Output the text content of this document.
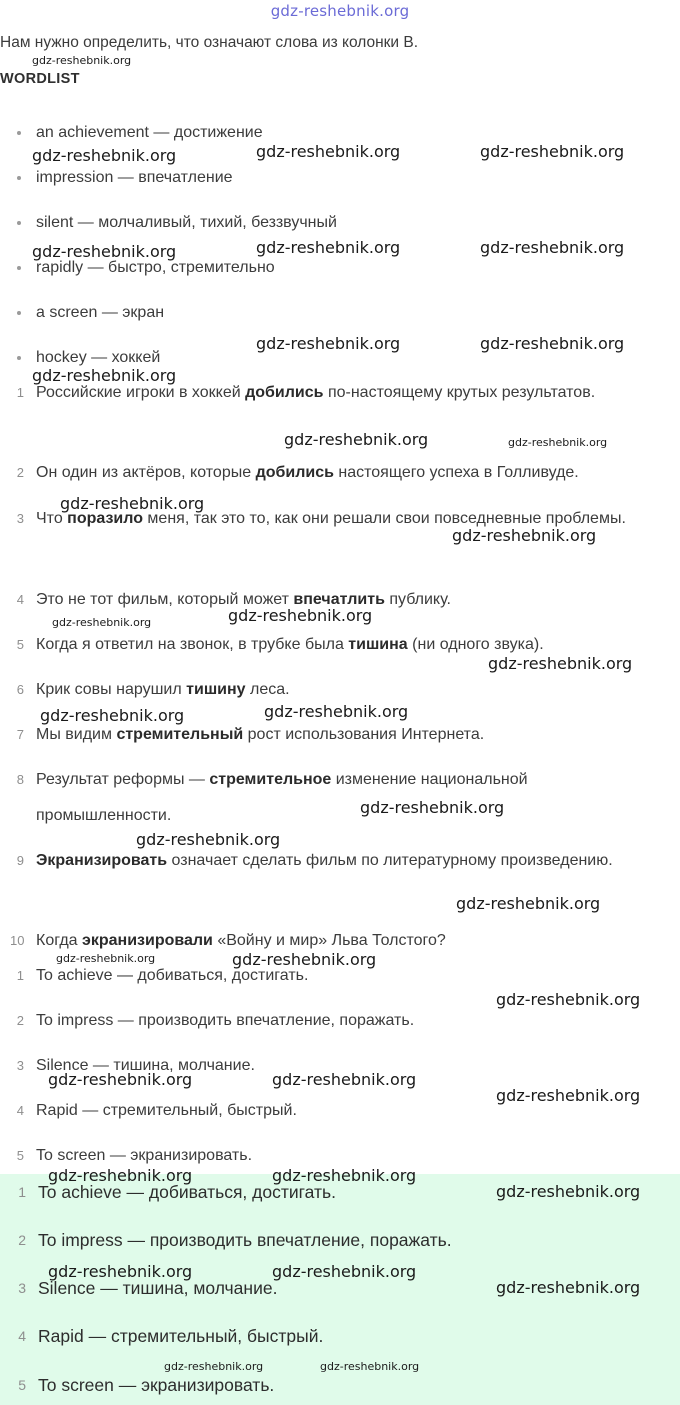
gdz-reshebnik.org
Нам нужно определить, что означают слова из колонки B.
WORDLIST
an achievement — достижение
impression — впечатление
silent — молчаливый, тихий, беззвучный
rapidly — быстро, стремительно
a screen — экран
hockey — хоккей
1 Российские игроки в хоккей добились по-настоящему крутых результатов.
2 Он один из актёров, которые добились настоящего успеха в Голливуде.
3 Что поразило меня, так это то, как они решали свои повседневные проблемы.
4 Это не тот фильм, который может впечатлить публику.
5 Когда я ответил на звонок, в трубке была тишина (ни одного звука).
6 Крик совы нарушил тишину леса.
7 Мы видим стремительный рост использования Интернета.
8 Результат реформы — стремительное изменение национальной промышленности.
9 Экранизировать означает сделать фильм по литературному произведению.
10 Когда экранизировали «Войну и мир» Льва Толстого?
1 To achieve — добиваться, достигать.
2 To impress — производить впечатление, поражать.
3 Silence — тишина, молчание.
4 Rapid — стремительный, быстрый.
5 To screen — экранизировать.
1 To achieve — добиваться, достигать.
2 To impress — производить впечатление, поражать.
3 Silence — тишина, молчание.
4 Rapid — стремительный, быстрый.
5 To screen — экранизировать.
gdz-reshebnik.org
gdz-reshebnik.org	gdz-reshebnik.org	gdz-reshebnik.org
gdz-reshebnik.org	gdz-reshebnik.org	gdz-reshebnik.org
gdz-reshebnik.org	gdz-reshebnik.org
gdz-reshebnik.org
gdz-reshebnik.org	gdz-reshebnik.org
gdz-reshebnik.org
gdz-reshebnik.org
gdz-reshebnik.org
gdz-reshebnik.org
gdz-reshebnik.org
gdz-reshebnik.org
gdz-reshebnik.org
gdz-reshebnik.org
gdz-reshebnik.org
gdz-reshebnik.org
gdz-reshebnik.org	gdz-reshebnik.org
gdz-reshebnik.org
gdz-reshebnik.org	gdz-reshebnik.org
gdz-reshebnik.org
gdz-reshebnik.org	gdz-reshebnik.org
gdz-reshebnik.org
gdz-reshebnik.org	gdz-reshebnik.org
gdz-reshebnik.org
gdz-reshebnik.org	gdz-reshebnik.org
